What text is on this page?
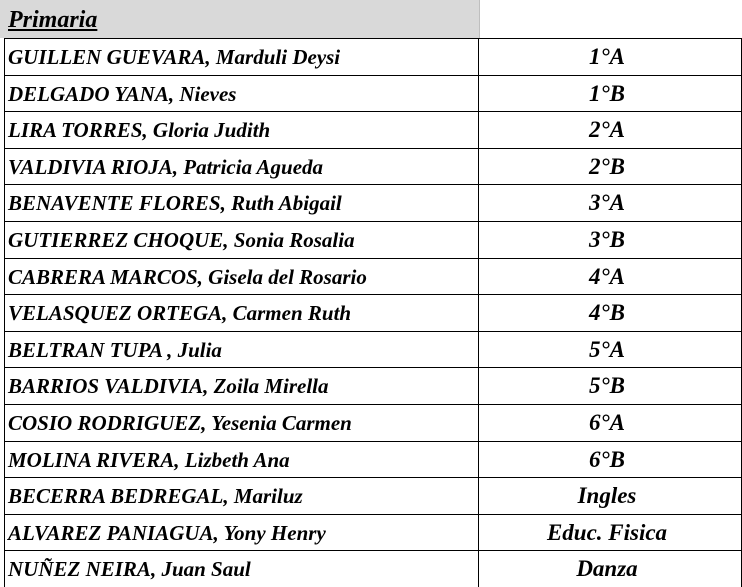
Primaria
GUILLEN GUEVARA, Marduli Deysi	1°A
DELGADO YANA, Nieves	1°B
LIRA TORRES, Gloria Judith	2°A
VALDIVIA RIOJA, Patricia Agueda	2°B
BENAVENTE FLORES, Ruth Abigail	3°A
GUTIERREZ CHOQUE, Sonia Rosalia	3°B
CABRERA MARCOS, Gisela del Rosario	4°A
VELASQUEZ ORTEGA, Carmen Ruth	4°B
BELTRAN TUPA , Julia	5°A
BARRIOS VALDIVIA, Zoila Mirella	5°B
COSIO RODRIGUEZ, Yesenia Carmen	6°A
MOLINA RIVERA, Lizbeth Ana	6°B
BECERRA BEDREGAL, Mariluz	Ingles
ALVAREZ PANIAGUA, Yony Henry	Educ. Fisica
NUÑEZ NEIRA, Juan Saul	Danza
